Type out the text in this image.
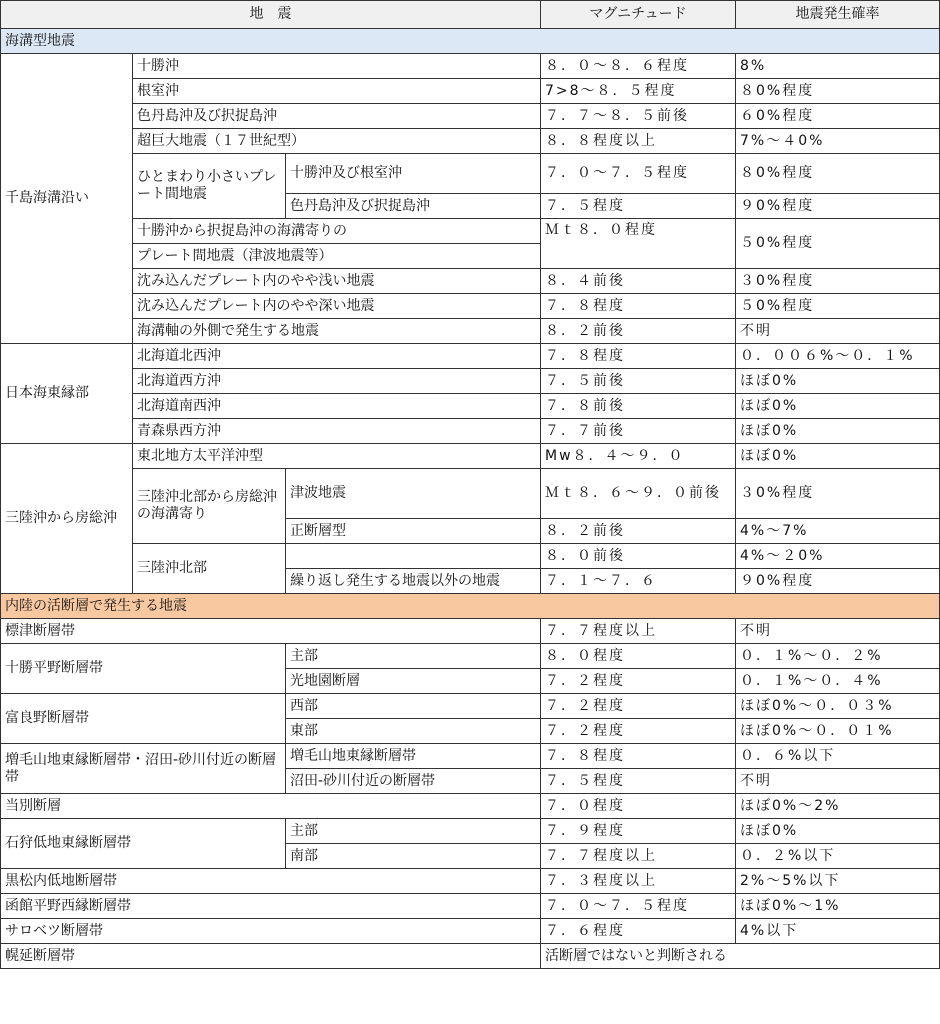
地　震			マグニチュード	地震発生確率
海溝型地震				
千島海溝沿い	十勝沖		８．０～８．６程度	8%
	根室沖		7>8～８．５程度	８0%程度
	色丹島沖及び択捉島沖		７．７～８．５前後	６0%程度
	超巨大地震（１７世紀型）		８．８程度以上	7%～４0%
	ひとまわり小さいプレート間地震	十勝沖及び根室沖	７．０～７．５程度	８0%程度
		色丹島沖及び択捉島沖	７．５程度	９0%程度
	十勝沖から択捉島沖の海溝寄りの		Ｍｔ８．０程度	５0%程度
	プレート間地震（津波地震等）			
	沈み込んだプレート内のやや浅い地震		８．４前後	３0%程度
	沈み込んだプレート内のやや深い地震		７．８程度	５0%程度
	海溝軸の外側で発生する地震		８．２前後	不明
日本海東縁部	北海道北西沖		７．８程度	０．００６%～０．１%
	北海道西方沖		７．５前後	ほぼ0%
	北海道南西沖		７．８前後	ほぼ0%
	青森県西方沖		７．７前後	ほぼ0%
三陸沖から房総沖	東北地方太平洋沖型		Mw８．４～９．０	ほぼ0%
	三陸沖北部から房総沖の海溝寄り	津波地震	Ｍｔ８．６～９．０前後	３0%程度
		正断層型	８．２前後	4%～7%
	三陸沖北部		８．０前後	4%～２0%
		繰り返し発生する地震以外の地震	７．１～７．６	９0%程度
内陸の活断層で発生する地震				
標津断層帯			７．７程度以上	不明
十勝平野断層帯		主部	８．０程度	０．１%～０．２%
		光地園断層	７．２程度	０．１%～０．４%
富良野断層帯		西部	７．２程度	ほぼ0%～０．０３%
		東部	７．２程度	ほぼ0%～０．０１%
増毛山地東縁断層帯・沼田-砂川付近の断層帯		増毛山地東縁断層帯	７．８程度	０．６%以下
		沼田-砂川付近の断層帯	７．５程度	不明
当別断層			７．０程度	ほぼ0%～2%
石狩低地東縁断層帯		主部	７．９程度	ほぼ0%
		南部	７．７程度以上	０．２%以下
黒松内低地断層帯			７．３程度以上	2%～5%以下
函館平野西縁断層帯			７．０～７．５程度	ほぼ0%～1%
サロベツ断層帯			７．６程度	4%以下
幌延断層帯			活断層ではないと判断される	
